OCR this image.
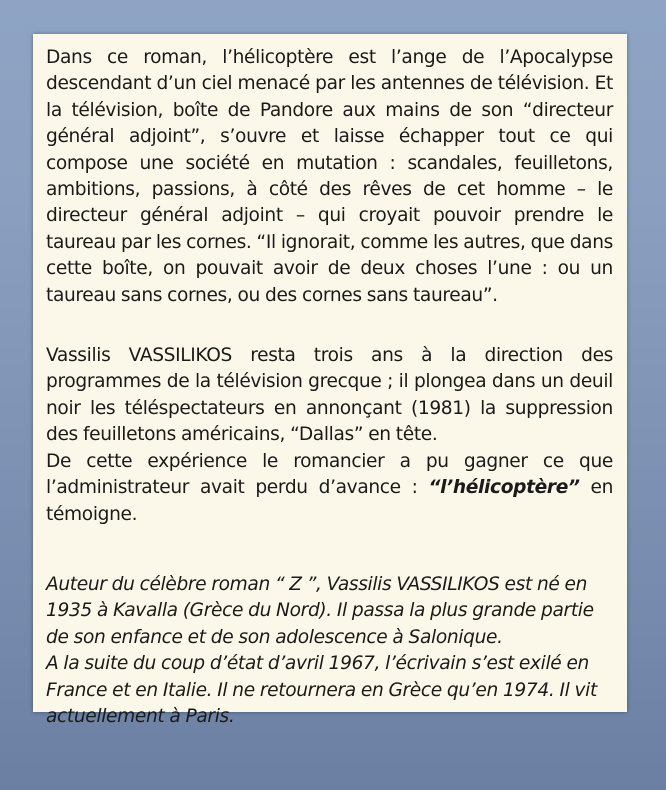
Dans ce roman, l’hélicoptère est l’ange de l’Apocalypse descendant d’un ciel menacé par les antennes de télévision. Et la télévision, boîte de Pandore aux mains de son “directeur général adjoint”, s’ouvre et laisse échapper tout ce qui compose une société en mutation : scandales, feuilletons, ambitions, passions, à côté des rêves de cet homme – le directeur général adjoint – qui croyait pouvoir prendre le taureau par les cornes. “Il ignorait, comme les autres, que dans cette boîte, on pouvait avoir de deux choses l’une : ou un taureau sans cornes, ou des cornes sans taureau”.

Vassilis VASSILIKOS resta trois ans à la direction des programmes de la télévision grecque ; il plongea dans un deuil noir les téléspectateurs en annonçant (1981) la suppression des feuilletons américains, “Dallas” en tête.

De cette expérience le romancier a pu gagner ce que l’administrateur avait perdu d’avance : “l’hélicoptère” en témoigne.

Auteur du célèbre roman “ Z ”, Vassilis VASSILIKOS est né en 1935 à Kavalla (Grèce du Nord). Il passa la plus grande partie de son enfance et de son adolescence à Salonique.

A la suite du coup d’état d’avril 1967, l’écrivain s’est exilé en France et en Italie. Il ne retournera en Grèce qu’en 1974. Il vit actuellement à Paris.
